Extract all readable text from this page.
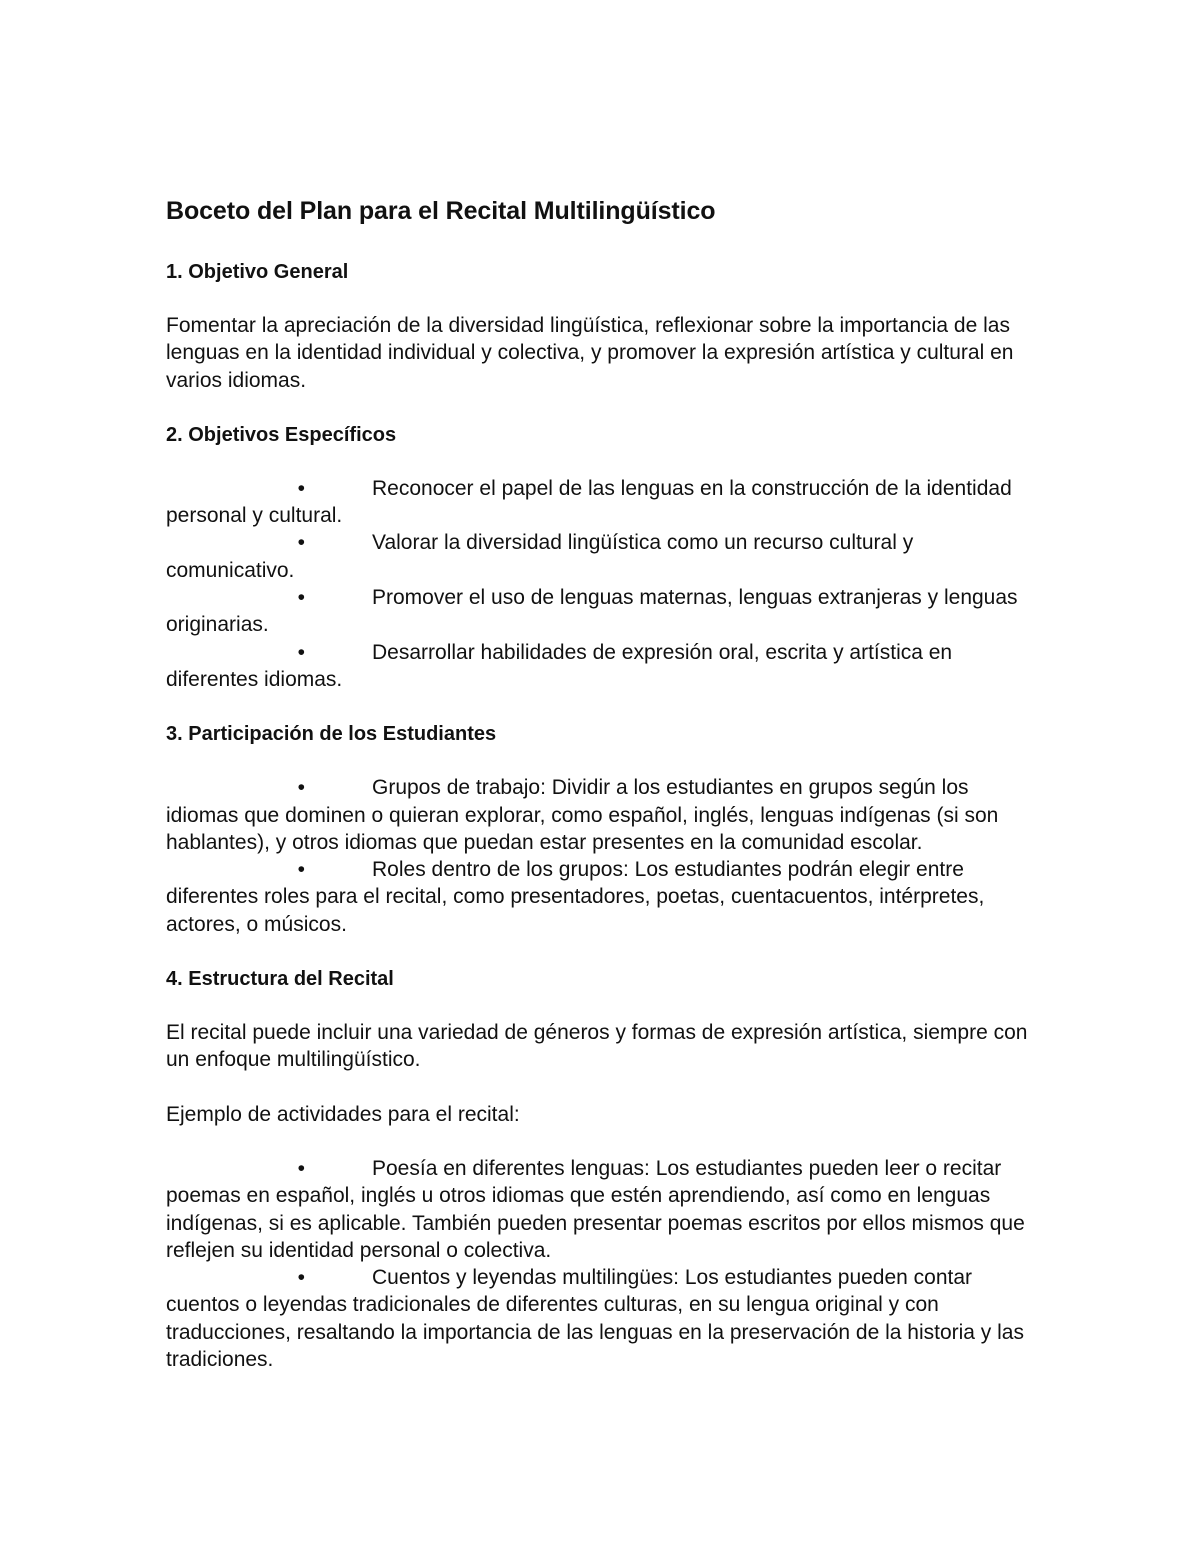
Boceto del Plan para el Recital Multilingüístico
1. Objetivo General

Fomentar la apreciación de la diversidad lingüística, reflexionar sobre la importancia de las lenguas en la identidad individual y colectiva, y promover la expresión artística y cultural en varios idiomas.

2. Objetivos Específicos
•	Reconocer el papel de las lenguas en la construcción de la identidad personal y cultural.
•	Valorar la diversidad lingüística como un recurso cultural y comunicativo.
•	Promover el uso de lenguas maternas, lenguas extranjeras y lenguas originarias.
•	Desarrollar habilidades de expresión oral, escrita y artística en diferentes idiomas.
3. Participación de los Estudiantes
•	Grupos de trabajo: Dividir a los estudiantes en grupos según los idiomas que dominen o quieran explorar, como español, inglés, lenguas indígenas (si son hablantes), y otros idiomas que puedan estar presentes en la comunidad escolar.
•	Roles dentro de los grupos: Los estudiantes podrán elegir entre diferentes roles para el recital, como presentadores, poetas, cuentacuentos, intérpretes, actores, o músicos.
4. Estructura del Recital

El recital puede incluir una variedad de géneros y formas de expresión artística, siempre con un enfoque multilingüístico.

Ejemplo de actividades para el recital:

•	Poesía en diferentes lenguas: Los estudiantes pueden leer o recitar poemas en español, inglés u otros idiomas que estén aprendiendo, así como en lenguas indígenas, si es aplicable. También pueden presentar poemas escritos por ellos mismos que reflejen su identidad personal o colectiva.
•	Cuentos y leyendas multilingües: Los estudiantes pueden contar cuentos o leyendas tradicionales de diferentes culturas, en su lengua original y con traducciones, resaltando la importancia de las lenguas en la preservación de la historia y las tradiciones.
